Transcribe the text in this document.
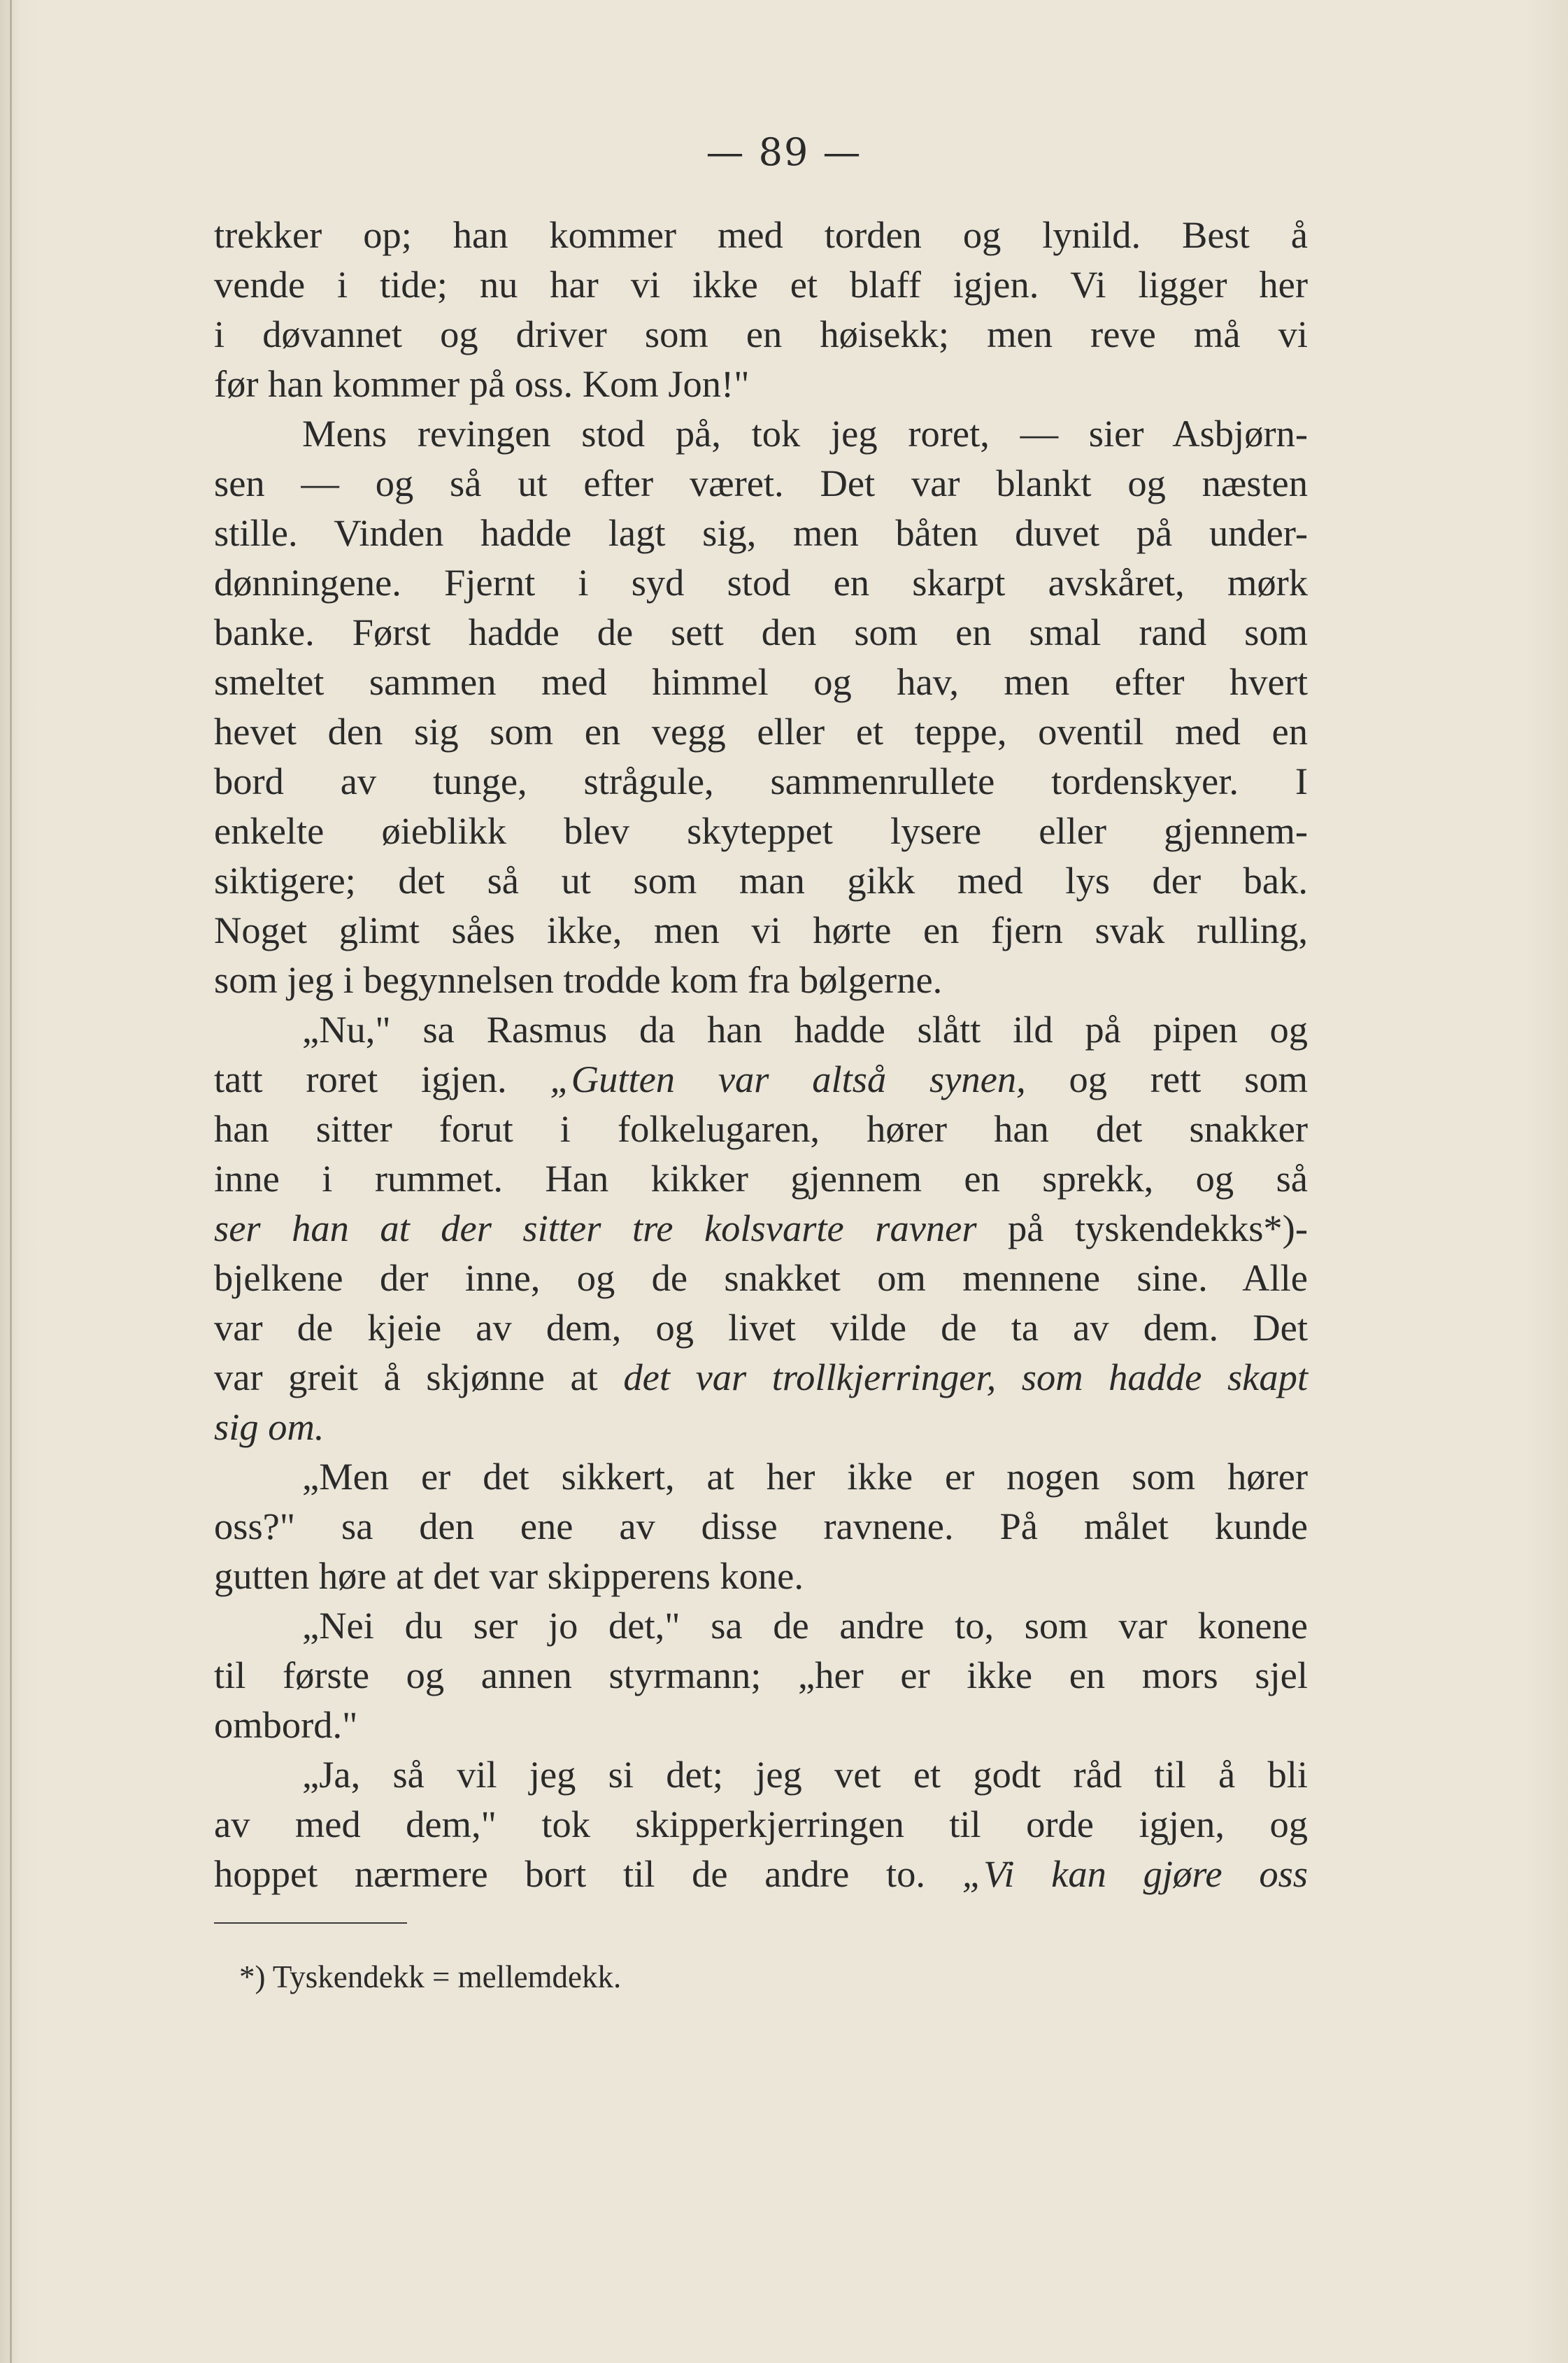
— 89 —
trekker op; han kommer med torden og lynild. Best å
vende i tide; nu har vi ikke et blaff igjen. Vi ligger her
i døvannet og driver som en høisekk; men reve må vi
før han kommer på oss. Kom Jon!"
Mens revingen stod på, tok jeg roret, — sier Asbjørn-
sen — og så ut efter været. Det var blankt og næsten
stille. Vinden hadde lagt sig, men båten duvet på under-
dønningene. Fjernt i syd stod en skarpt avskåret, mørk
banke. Først hadde de sett den som en smal rand som
smeltet sammen med himmel og hav, men efter hvert
hevet den sig som en vegg eller et teppe, oventil med en
bord av tunge, strågule, sammenrullete tordenskyer. I
enkelte øieblikk blev skyteppet lysere eller gjennem-
siktigere; det så ut som man gikk med lys der bak.
Noget glimt såes ikke, men vi hørte en fjern svak rulling,
som jeg i begynnelsen trodde kom fra bølgerne.
„Nu," sa Rasmus da han hadde slått ild på pipen og
tatt roret igjen. „Gutten var altså synen, og rett som
han sitter forut i folkelugaren, hører han det snakker
inne i rummet. Han kikker gjennem en sprekk, og så
ser han at der sitter tre kolsvarte ravner på tyskendekks*)-
bjelkene der inne, og de snakket om mennene sine. Alle
var de kjeie av dem, og livet vilde de ta av dem. Det
var greit å skjønne at det var trollkjerringer, som hadde skapt
sig om.
„Men er det sikkert, at her ikke er nogen som hører
oss?" sa den ene av disse ravnene. På målet kunde
gutten høre at det var skipperens kone.
„Nei du ser jo det," sa de andre to, som var konene
til første og annen styrmann; „her er ikke en mors sjel
ombord."
„Ja, så vil jeg si det; jeg vet et godt råd til å bli
av med dem," tok skipperkjerringen til orde igjen, og
hoppet nærmere bort til de andre to. „Vi kan gjøre oss
*) Tyskendekk = mellemdekk.
